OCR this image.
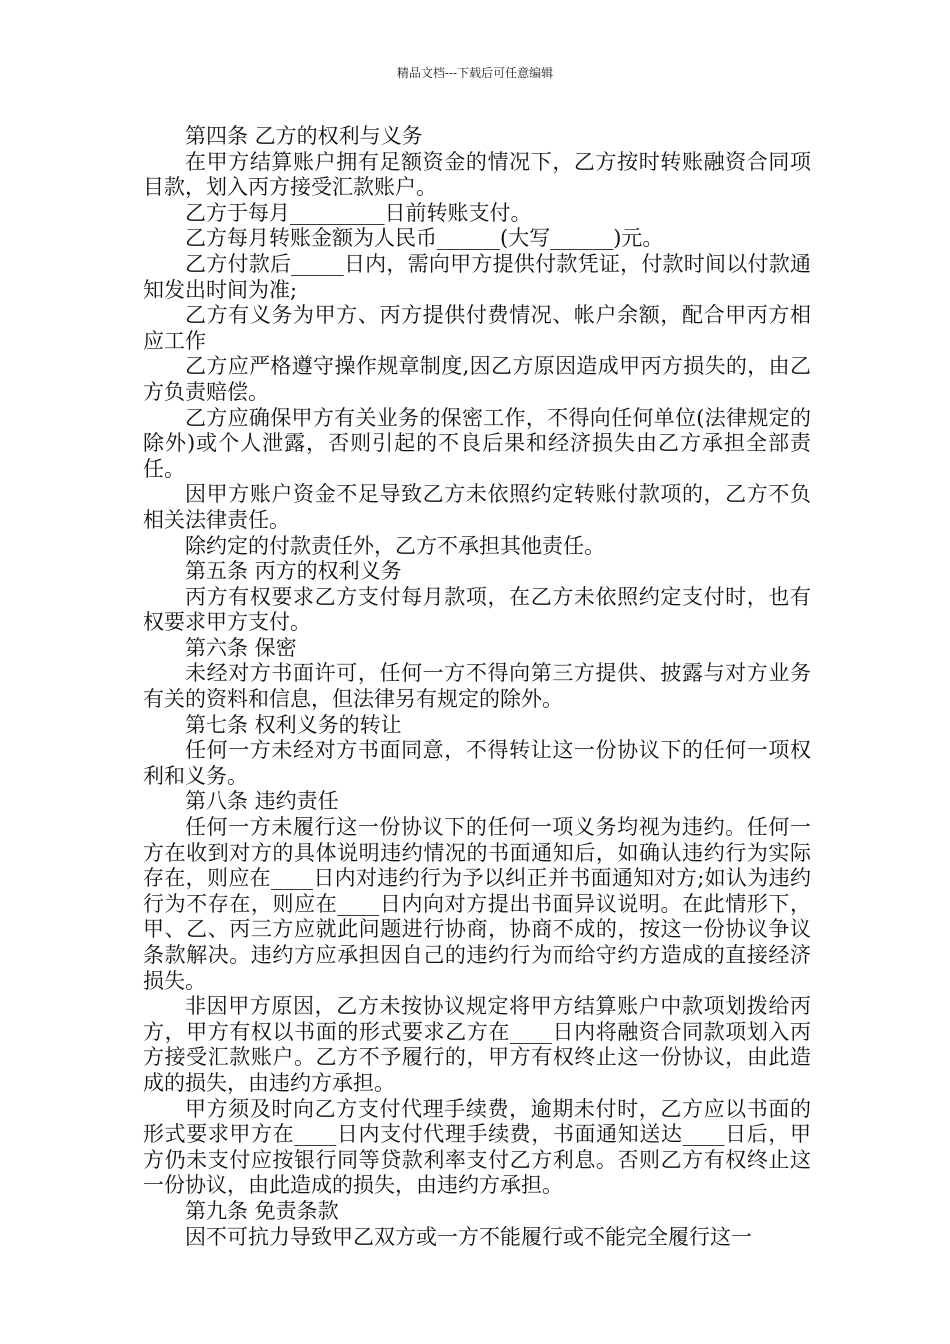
精品文档---下载后可任意编辑

第四条 乙方的权利与义务

在甲方结算账户拥有足额资金的情况下，乙方按时转账融资合同项目款，划入丙方接受汇款账户。

乙方于每月_________日前转账支付。

乙方每月转账金额为人民币______(大写______)元。

乙方付款后_____日内，需向甲方提供付款凭证，付款时间以付款通知发出时间为准;

乙方有义务为甲方、丙方提供付费情况、帐户余额，配合甲丙方相应工作

乙方应严格遵守操作规章制度,因乙方原因造成甲丙方损失的，由乙方负责赔偿。

乙方应确保甲方有关业务的保密工作，不得向任何单位(法律规定的除外)或个人泄露，否则引起的不良后果和经济损失由乙方承担全部责任。

因甲方账户资金不足导致乙方未依照约定转账付款项的，乙方不负相关法律责任。

除约定的付款责任外，乙方不承担其他责任。

第五条 丙方的权利义务

丙方有权要求乙方支付每月款项，在乙方未依照约定支付时，也有权要求甲方支付。

第六条 保密

未经对方书面许可，任何一方不得向第三方提供、披露与对方业务有关的资料和信息，但法律另有规定的除外。

第七条 权利义务的转让

任何一方未经对方书面同意，不得转让这一份协议下的任何一项权利和义务。

第八条 违约责任

任何一方未履行这一份协议下的任何一项义务均视为违约。任何一方在收到对方的具体说明违约情况的书面通知后，如确认违约行为实际存在，则应在____日内对违约行为予以纠正并书面通知对方;如认为违约行为不存在，则应在____日内向对方提出书面异议说明。在此情形下，甲、乙、丙三方应就此问题进行协商，协商不成的，按这一份协议争议条款解决。违约方应承担因自己的违约行为而给守约方造成的直接经济损失。

非因甲方原因，乙方未按协议规定将甲方结算账户中款项划拨给丙方，甲方有权以书面的形式要求乙方在____日内将融资合同款项划入丙方接受汇款账户。乙方不予履行的，甲方有权终止这一份协议，由此造成的损失，由违约方承担。

甲方须及时向乙方支付代理手续费，逾期未付时，乙方应以书面的形式要求甲方在____日内支付代理手续费，书面通知送达____日后，甲方仍未支付应按银行同等贷款利率支付乙方利息。否则乙方有权终止这一份协议，由此造成的损失，由违约方承担。

第九条 免责条款

因不可抗力导致甲乙双方或一方不能履行或不能完全履行这一
